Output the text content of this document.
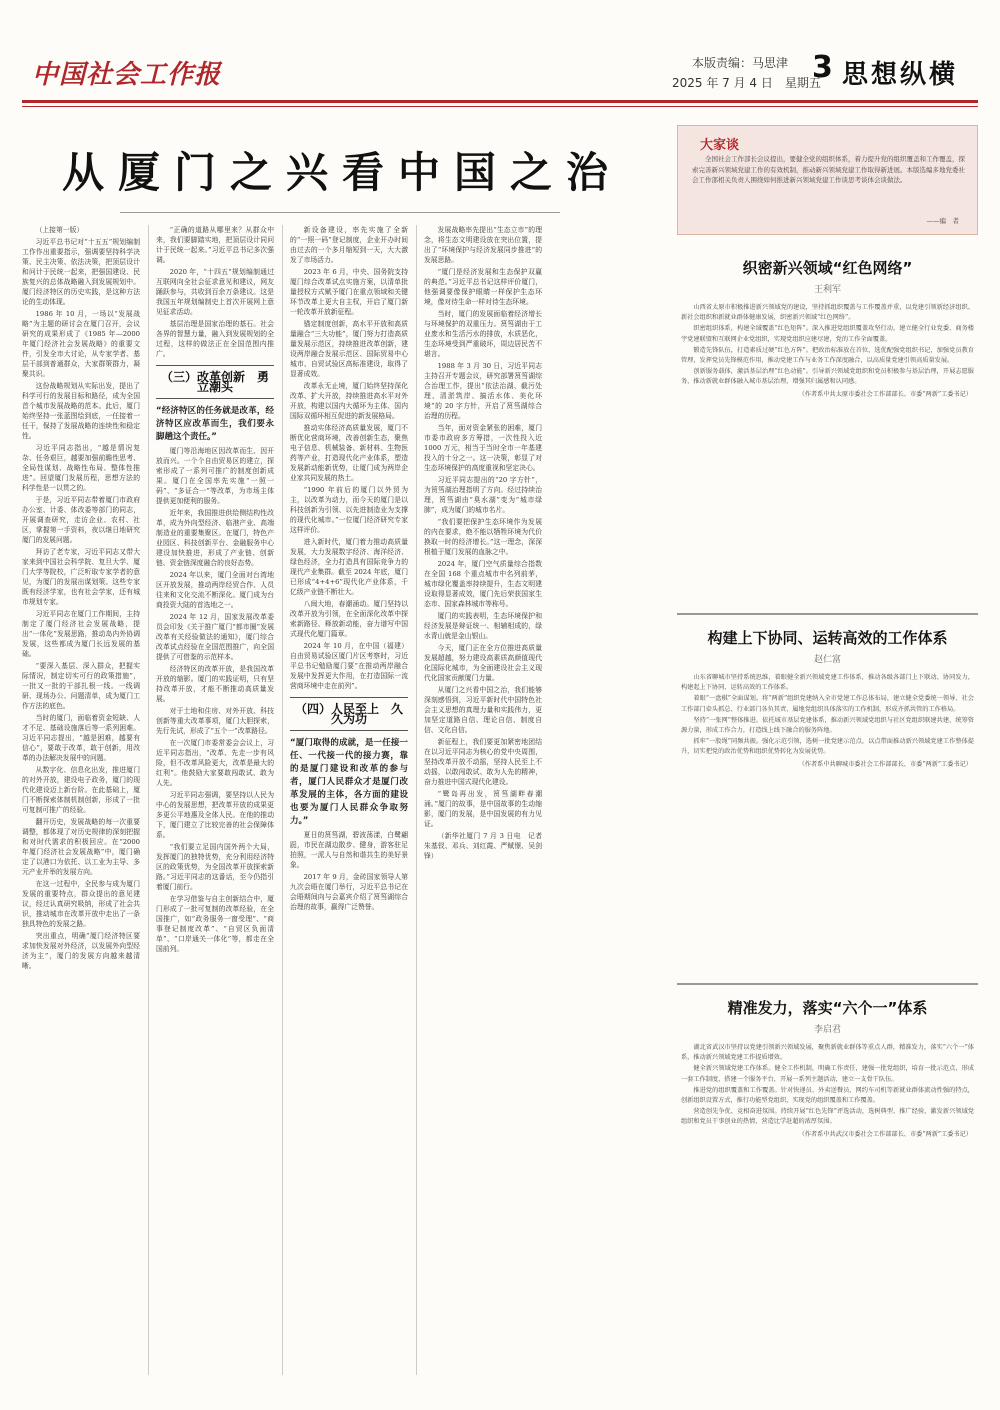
中国社会工作报	本版责编：马思津
2025 年 7 月 4 日　星期五
3 思想纵横
从厦门之兴看中国之治

（上接第一版）

习近平总书记对“十五五”规划编制工作作出重要指示，强调要坚持科学决策、民主决策、依法决策，把顶层设计和问计于民统一起来，把强国建设、民族复兴的总体战略融入到发展规划中。厦门经济特区的历史实践，是这种方法论的生动体现。

1986 年 10 月，一场以“发展战略”为主题的研讨会在厦门召开，会议研究的成果形成了《1985 年—2000 年厦门经济社会发展战略》的重要文件，引发全市大讨论，从专家学者、基层干部到普通群众，大家群策群力，凝聚共识。

这份战略规划从实际出发，提出了科学可行的发展目标和路径，成为全国首个城市发展战略的范本。此后，厦门始终坚持一张蓝图绘到底，一任接着一任干，保持了发展战略的连续性和稳定性。

习近平同志指出，“越是情况复杂、任务艰巨，越要加强前瞻性思考、全局性谋划、战略性布局、整体性推进”。回望厦门发展历程，思想方法的科学性是一以贯之的。

于是，习近平同志带着厦门市政府办公室、计委、体改委等部门的同志，开展调查研究，走访企业、农村、社区，掌握第一手资料，夜以继日地研究厦门的发展问题。

拜访了老专家，习近平同志又带大家来到中国社会科学院、复旦大学、厦门大学等院校，广泛听取专家学者的意见，为厦门的发展出谋划策。这些专家既有经济学家，也有社会学家，还有城市规划专家。

习近平同志在厦门工作期间，主持制定了厦门经济社会发展战略，提出“一体化”发展思路，推动岛内外协调发展，这些都成为厦门长远发展的基础。

“要深入基层、深入群众，把握实际情况，制定切实可行的政策措施”，一批又一批的干部扎根一线。一线调研、现场办公、问题清单，成为厦门工作方法的底色。

当时的厦门，面临着资金短缺、人才不足、基础设施落后等一系列困难。习近平同志提出，“越是困难，越要有信心”，要敢于改革，敢于创新，用改革的办法解决发展中的问题。

从数字化、信息化出发，推进厦门的对外开放，建设电子政务，厦门的现代化建设迈上新台阶。在此基础上，厦门不断探索体制机制创新，形成了一批可复制可推广的经验。

翻开历史，发展战略的每一次重要调整，都体现了对历史规律的深刻把握和对时代需求的积极回应。在“2000 年厦门经济社会发展战略”中，厦门确定了以港口为依托、以工业为主导、多元产业并举的发展方向。

在这一过程中，全民参与成为厦门发展的重要特点，群众提出的意见建议，经过认真研究吸纳，形成了社会共识，推动城市在改革开放中走出了一条独具特色的发展之路。

突出重点，明确“厦门经济特区要求加快发展对外经济，以发展外向型经济为主”，厦门的发展方向越来越清晰。

“正确的道路从哪里来？从群众中来，我们要脚踏实地，把顶层设计同问计于民统一起来。”习近平总书记多次强调。

2020 年，“十四五”规划编制通过互联网向全社会征求意见和建议，网友踊跃参与，共收到百余万条建议。这是我国五年规划编制史上首次开展网上意见征求活动。

基层治理是国家治理的基石。社会各界的智慧力量，融入到发展规划的全过程，这样的做法正在全国范围内推广。

（三）改革创新　勇立潮头

“经济特区的任务就是改革，经济特区应改革而生，我们要永脚趟这个责任。”

厦门等沿海地区因改革而生、因开放而兴。一个个自由贸易区的建立，探索形成了一系列可推广的制度创新成果。厦门在全国率先实施“一照一码”、“多证合一”等改革，为市场主体提供更加便利的服务。

近年来，我国推进供给侧结构性改革，成为外向型经济、临港产业、高端制造业的重要集聚区。在厦门，特色产业园区、科技创新平台、金融服务中心建设加快推进，形成了产业链、创新链、资金链深度融合的良好态势。

2024 年以来，厦门全面对台湾地区开放发展，推动两岸经贸合作、人员往来和文化交流不断深化。厦门成为台商投资大陆的首选地之一。

2024 年 12 月，国家发展改革委员会印发《关于推广厦门“都市圈”发展改革有关经验做法的通知》，厦门综合改革试点经验在全国范围推广，向全国提供了可借鉴的示范样本。

经济特区的改革开放，是我国改革开放的缩影。厦门的实践证明，只有坚持改革开放，才能不断推动高质量发展。

对于土地和住房、对外开放、科技创新等重大改革事项，厦门大胆探索，先行先试，形成了“五个一”改革路径。

在一次厦门市委常委会会议上，习近平同志指出，“改革、先走一步有风险，但不改革风险更大，改革是最大的红利”。他鼓励大家要敢闯敢试、敢为人先。

习近平同志强调，要坚持以人民为中心的发展思想，把改革开放的成果更多更公平地惠及全体人民。在他的推动下，厦门建立了比较完善的社会保障体系。

“我们要立足国内国外两个大局，发挥厦门的独特优势，充分利用经济特区的政策优势，为全国改革开放探索新路。”习近平同志的这番话，至今仍指引着厦门前行。

在学习借鉴与自主创新结合中，厦门形成了一批可复制的改革经验，在全国推广，如“政务服务一窗受理”、“商事登记制度改革”、“自贸区负面清单”、“口岸通关一体化”等，都走在全国前列。

新设备建设，率先实施了全新的“一照一码”登记制度，企业开办时间由过去的一个多月缩短到一天，大大激发了市场活力。

2023 年 6 月，中央、国务院支持厦门综合改革试点实施方案，以清单批量授权方式赋予厦门在重点领域和关键环节改革上更大自主权，开启了厦门新一轮改革开放新征程。

锚定制度创新，高水平开放和高质量融合“三大功能”，厦门努力打造高质量发展示范区，持续推进改革创新，建设两岸融合发展示范区、国际贸易中心城市、自贸试验区高标准建设，取得了显著成效。

改革永无止境，厦门始终坚持深化改革、扩大开放，持续推进高水平对外开放，构建以国内大循环为主体、国内国际双循环相互促进的新发展格局。

推动实体经济高质量发展，厦门不断优化营商环境，改善创新生态，聚焦电子信息、机械装备、新材料、生物医药等产业，打造现代化产业体系，塑造发展新动能新优势，让厦门成为两岸企业家共同发展的热土。

“1990 年前后的厦门以外贸为主，以改革为动力，而今天的厦门是以科技创新为引领、以先进制造业为支撑的现代化城市。”一位厦门经济研究专家这样评价。

进入新时代，厦门着力推动高质量发展，大力发展数字经济、海洋经济、绿色经济，全力打造具有国际竞争力的现代产业集群。截至 2024 年底，厦门已形成“4+4+6”现代化产业体系，千亿级产业链不断壮大。

八闽大地，春潮涌动。厦门坚持以改革开放为引领，在全面深化改革中探索新路径、释放新动能，奋力谱写中国式现代化厦门篇章。

2024 年 10 月，在中国（福建）自由贸易试验区厦门片区考察时，习近平总书记勉励厦门要“在推动两岸融合发展中发挥更大作用，在打造国际一流营商环境中走在前列”。

（四）人民至上　久久为功

“厦门取得的成就，是一任接一任、一代接一代的接力赛，靠的是厦门建设和改革的参与者，厦门人民群众才是厦门改革发展的主体，各方面的建设也要为厦门人民群众争取努力。”

夏日的筼筜湖，碧波荡漾，白鹭翩跹，市民在湖边散步、健身，游客驻足拍照，一派人与自然和谐共生的美好景象。

2017 年 9 月，金砖国家领导人第九次会晤在厦门举行，习近平总书记在会晤期间向与会嘉宾介绍了筼筜湖综合治理的故事，赢得广泛赞誉。

发展战略率先提出“生态立市”的理念，将生态文明建设放在突出位置，提出了“环境保护与经济发展同步推进”的发展思路。

“厦门是经济发展和生态保护双赢的典范。”习近平总书记这样评价厦门，他强调要像保护眼睛一样保护生态环境，像对待生命一样对待生态环境。

当时，厦门的发展面临着经济增长与环境保护的双重压力。筼筜湖由于工业废水和生活污水的排放，水质恶化，生态环境受到严重破坏，周边居民苦不堪言。

1988 年 3 月 30 日，习近平同志主持召开专题会议，研究部署筼筜湖综合治理工作，提出“依法治湖、截污处理、清淤筑岸、搞活水体、美化环境”的 20 字方针，开启了筼筜湖综合治理的历程。

当年，面对资金紧张的困难，厦门市委市政府多方筹措，一次性投入近 1000 万元，相当于当时全市一年基建投入的十分之一。这一决策，彰显了对生态环境保护的高度重视和坚定决心。

习近平同志提出的“20 字方针”，为筼筜湖治理指明了方向。经过持续治理，筼筜湖由“臭水湖”变为“城市绿肺”，成为厦门的城市名片。

“我们要把保护生态环境作为发展的内在要求，绝不能以牺牲环境为代价换取一时的经济增长。”这一理念，深深根植于厦门发展的血脉之中。

2024 年，厦门空气质量综合指数在全国 168 个重点城市中名列前茅，城市绿化覆盖率持续提升，生态文明建设取得显著成效，厦门先后荣获国家生态市、国家森林城市等称号。

厦门的实践表明，生态环境保护和经济发展是辩证统一、相辅相成的，绿水青山就是金山银山。

今天，厦门正在全方位推进高质量发展超越，努力建设高素质高颜值现代化国际化城市，为全面建设社会主义现代化国家贡献厦门力量。

从厦门之兴看中国之治，我们能够深刻感悟到，习近平新时代中国特色社会主义思想的真理力量和实践伟力，更加坚定道路自信、理论自信、制度自信、文化自信。

新征程上，我们要更加紧密地团结在以习近平同志为核心的党中央周围，坚持改革开放不动摇，坚持人民至上不动摇，以敢闯敢试、敢为人先的精神，奋力推进中国式现代化建设。

“鹭岛再出发，筼筜湖畔春潮涌。”厦门的故事，是中国故事的生动缩影，厦门的发展，是中国发展的有力见证。

（新华社厦门 7 月 3 日电　记者朱基钗、邓兵、刘红霞、严赋憬、吴剑锋）

大家谈
全国社会工作部长会议提出，要健全党的组织体系，着力提升党的组织覆盖和工作覆盖，探索完善新兴领域党建工作的有效机制，推动新兴领域党建工作取得新进展。本版选编多地党委社会工作部相关负责人围绕如何推进新兴领域党建工作谈思考谈体会谈做法。
——编　者
织密新兴领域“红色网络”
王利军

山西省太原市积极推进新兴领域党的建设，坚持抓组织覆盖与工作覆盖并重，以党建引领新经济组织、新社会组织和新就业群体健康发展，织密新兴领域“红色网络”。

织密组织体系，构建全域覆盖“红色矩阵”。深入推进党组织覆盖攻坚行动，建立健全行业党委、商务楼宇党建联盟和互联网企业党组织，实现党组织应建尽建，党的工作全面覆盖。

锻造先锋队伍，打造素质过硬“红色方阵”。把政治标准放在首位，选优配强党组织书记，加强党员教育管理，发挥党员先锋模范作用，推动党建工作与业务工作深度融合，以高质量党建引领高质量发展。

创新服务载体，激活基层治理“红色动能”。引导新兴领域党组织和党员积极参与基层治理，开展志愿服务，推动新就业群体融入城市基层治理，增强其归属感和认同感。

（作者系中共太原市委社会工作部部长、市委“两新”工委书记）
构建上下协同、运转高效的工作体系
赵仁富

山东省聊城市坚持系统思维，着眼健全新兴领域党建工作体系，推动各级各部门上下联动、协同发力，构建起上下协同、运转高效的工作体系。

着眼“一盘棋”全面谋划。将“两新”组织党建纳入全市党建工作总体布局，建立健全党委统一领导、社会工作部门牵头抓总、行业部门各负其责、属地党组织具体落实的工作机制，形成齐抓共管的工作格局。

坚持“一张网”整体推进。依托城市基层党建体系，推动新兴领域党组织与社区党组织联建共建，统筹资源力量，形成工作合力，打造线上线下融合的服务阵地。

抓牢“一股绳”同频共振。强化示范引领，选树一批党建示范点，以点带面推动新兴领域党建工作整体提升，切实把党的政治优势和组织优势转化为发展优势。

（作者系中共聊城市委社会工作部部长、市委“两新”工委书记）
精准发力，落实“六个一”体系
李启君

湖北省武汉市坚持以党建引领新兴领域发展，聚焦新就业群体等重点人群，精准发力，落实“六个一”体系，推动新兴领域党建工作提质增效。

健全新兴领域党建工作体系。健全工作机制，明确工作责任，建强一批党组织，培育一批示范点，形成一套工作制度，搭建一个服务平台，开展一系列主题活动，建立一支骨干队伍。

推进党的组织覆盖和工作覆盖。针对快递员、外卖送餐员、网约车司机等新就业群体流动性强的特点，创新组织设置方式，推行功能型党组织，实现党的组织覆盖和工作覆盖。

营造创先争优、竞相奋进氛围。持续开展“红色先锋”评选活动，选树典型、推广经验，激发新兴领域党组织和党员干事创业的热情，营造比学赶超的浓厚氛围。

（作者系中共武汉市委社会工作部部长、市委“两新”工委书记）
